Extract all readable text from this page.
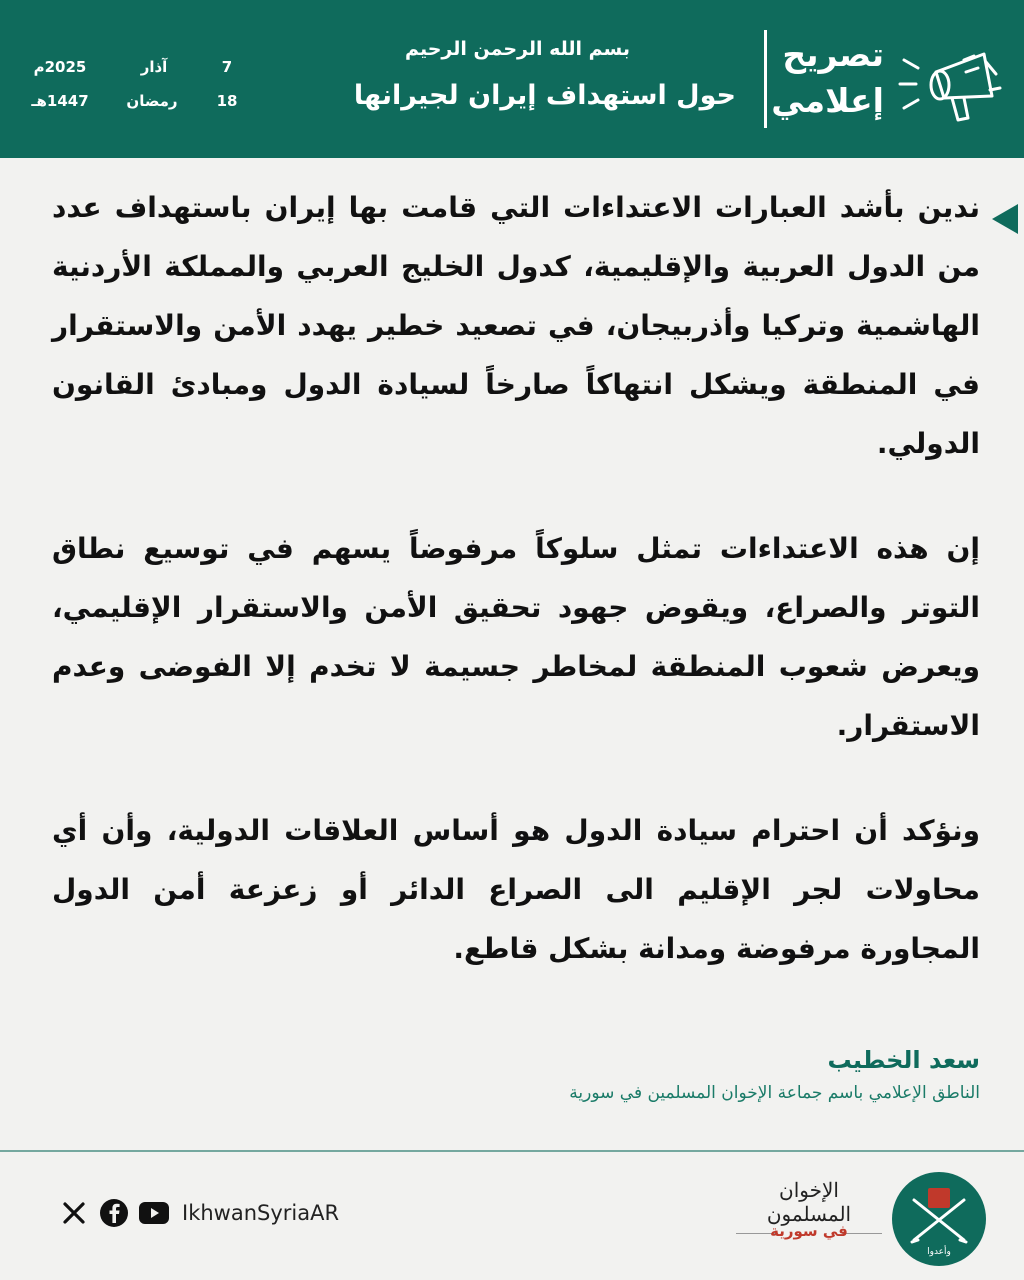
تصريح
إعلامي
بسم الله الرحمن الرحيم
حول استهداف إيران لجيرانها
7
آذار
2025م
18
رمضان
1447هـ

ندين بأشد العبارات الاعتداءات التي قامت بها إيران باستهداف عدد من الدول العربية والإقليمية، كدول الخليج العربي والمملكة الأردنية الهاشمية وتركيا وأذربيجان، في تصعيد خطير يهدد الأمن والاستقرار في المنطقة ويشكل انتهاكاً صارخاً لسيادة الدول ومبادئ القانون الدولي.

إن هذه الاعتداءات تمثل سلوكاً مرفوضاً يسهم في توسيع نطاق التوتر والصراع، ويقوض جهود تحقيق الأمن والاستقرار الإقليمي، ويعرض شعوب المنطقة لمخاطر جسيمة لا تخدم إلا الفوضى وعدم الاستقرار.

ونؤكد أن احترام سيادة الدول هو أساس العلاقات الدولية، وأن أي محاولات لجر الإقليم الى الصراع الدائر أو زعزعة أمن الدول المجاورة مرفوضة ومدانة بشكل قاطع.

سعد الخطيب
الناطق الإعلامي باسم جماعة الإخوان المسلمين في سورية
وأعدوا
الإخوان المسلمون
في سورية
IkhwanSyriaAR
